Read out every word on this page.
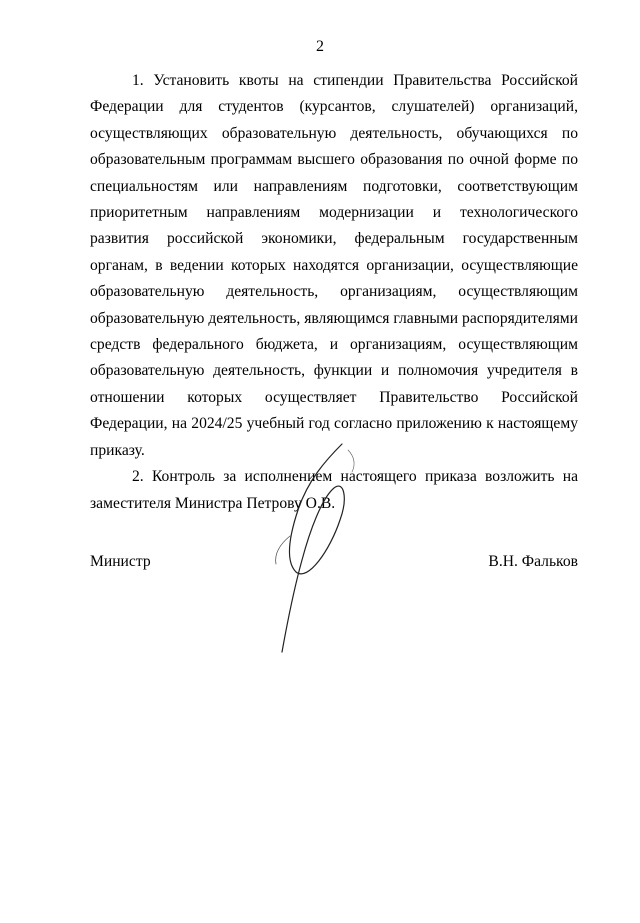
2

1. Установить квоты на стипендии Правительства Российской Федерации для студентов (курсантов, слушателей) организаций, осуществляющих образовательную деятельность, обучающихся по образовательным программам высшего образования по очной форме по специальностям или направлениям подготовки, соответствующим приоритетным направлениям модернизации и технологического развития российской экономики, федеральным государственным органам, в ведении которых находятся организации, осуществляющие образовательную деятельность, организациям, осуществляющим образовательную деятельность, являющимся главными распорядителями средств федерального бюджета, и организациям, осуществляющим образовательную деятельность, функции и полномочия учредителя в отношении которых осуществляет Правительство Российской Федерации, на 2024/25 учебный год согласно приложению к настоящему приказу.

2. Контроль за исполнением настоящего приказа возложить на заместителя Министра Петрову О.В.

Министр	В.Н. Фальков
